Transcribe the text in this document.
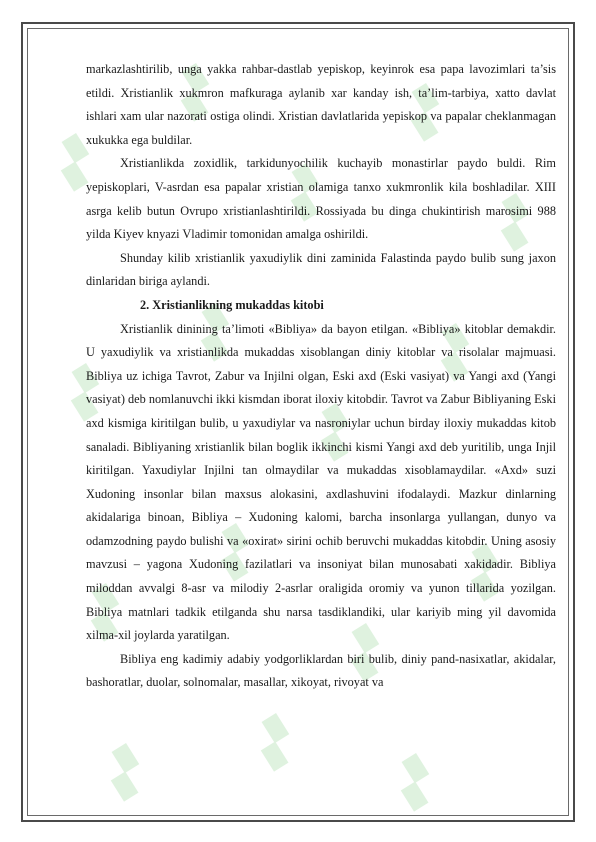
▞
▞
▞
▞
▞
▞
▞
▞
▞
▞
▞
▞
▞
▞
▞
▞

markazlashtirilib, unga yakka rahbar-dastlab yepiskop, keyinrok esa papa lavozimlari ta’sis etildi. Xristianlik xukmron mafkuraga aylanib xar kanday ish, ta’lim-tarbiya, xatto davlat ishlari xam ular nazorati ostiga olindi. Xristian davlatlarida yepiskop va papalar cheklanmagan xukukka ega buldilar.

Xristianlikda zoxidlik, tarkidunyochilik kuchayib monastirlar paydo buldi. Rim yepiskoplari, V-asrdan esa papalar xristian olamiga tanxo xukmronlik kila boshladilar. XIII asrga kelib butun Ovrupo xristianlashtirildi. Rossiyada bu dinga chukintirish marosimi 988 yilda Kiyev knyazi Vladimir tomonidan amalga oshirildi.

Shunday kilib xristianlik yaxudiylik dini zaminida Falastinda paydo bulib sung jaxon dinlaridan biriga aylandi.

2. Xristianlikning mukaddas kitobi

Xristianlik dinining ta’limoti «Bibliya» da bayon etilgan. «Bibliya» kitoblar demakdir. U yaxudiylik va xristianlikda mukaddas xisoblangan diniy kitoblar va risolalar majmuasi. Bibliya uz ichiga Tavrot, Zabur va Injilni olgan, Eski axd (Eski vasiyat) va Yangi axd (Yangi vasiyat) deb nomlanuvchi ikki kismdan iborat iloxiy kitobdir. Tavrot va Zabur Bibliyaning Eski axd kismiga kiritilgan bulib, u yaxudiylar va nasroniylar uchun birday iloxiy mukaddas kitob sanaladi. Bibliyaning xristianlik bilan boglik ikkinchi kismi Yangi axd deb yuritilib, unga Injil kiritilgan. Yaxudiylar Injilni tan olmaydilar va mukaddas xisoblamaydilar. «Axd» suzi Xudoning insonlar bilan maxsus alokasini, axdlashuvini ifodalaydi. Mazkur dinlarning akidalariga binoan, Bibliya – Xudoning kalomi, barcha insonlarga yullangan, dunyo va odamzodning paydo bulishi va «oxirat» sirini ochib beruvchi mukaddas kitobdir. Uning asosiy mavzusi – yagona Xudoning fazilatlari va insoniyat bilan munosabati xakidadir. Bibliya miloddan avvalgi 8-asr va milodiy 2-asrlar oraligida oromiy va yunon tillarida yozilgan. Bibliya matnlari tadkik etilganda shu narsa tasdiklandiki, ular kariyib ming yil davomida xilma-xil joylarda yaratilgan.

Bibliya eng kadimiy adabiy yodgorliklardan biri bulib, diniy pand-nasixatlar, akidalar, bashoratlar, duolar, solnomalar, masallar, xikoyat, rivoyat va
